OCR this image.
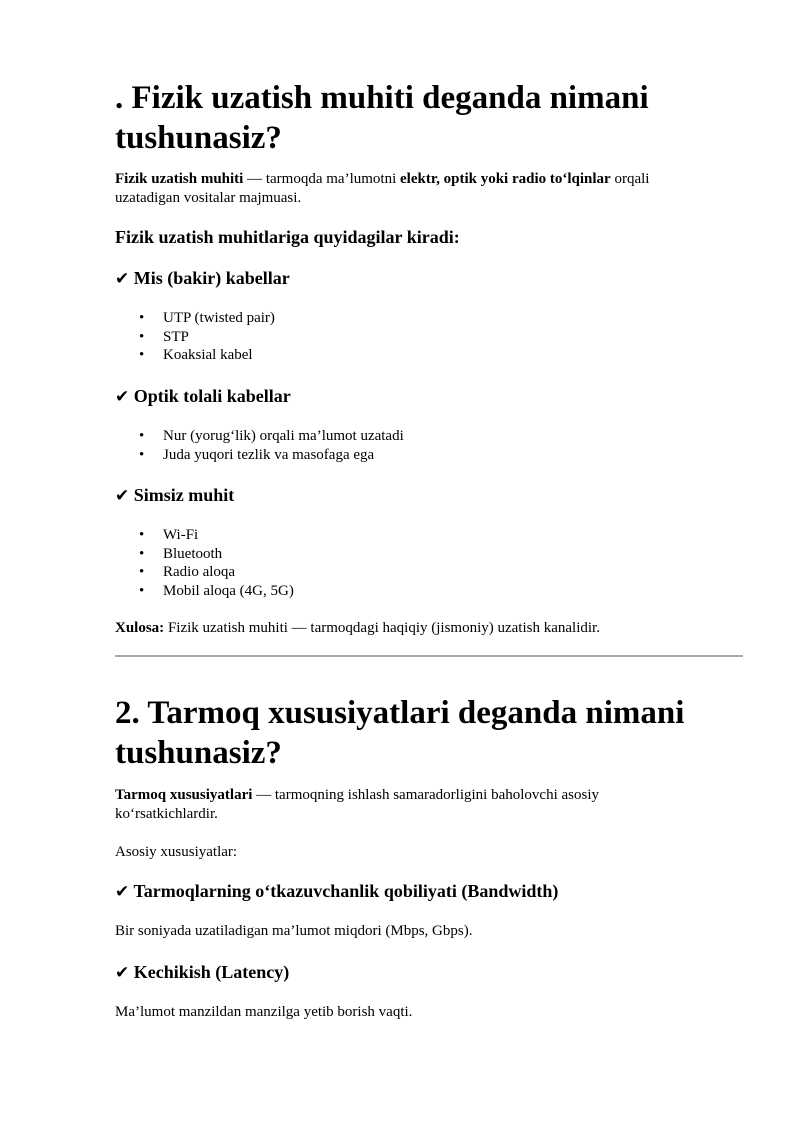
. Fizik uzatish muhiti deganda nimani
tushunasiz?

Fizik uzatish muhiti — tarmoqda ma’lumotni elektr, optik yoki radio to‘lqinlar orqali
uzatadigan vositalar majmuasi.

Fizik uzatish muhitlariga quyidagilar kiradi:
✔ Mis (bakir) kabellar
• UTP (twisted pair)
• STP
• Koaksial kabel
✔ Optik tolali kabellar
• Nur (yorug‘lik) orqali ma’lumot uzatadi
• Juda yuqori tezlik va masofaga ega
✔ Simsiz muhit
• Wi-Fi
• Bluetooth
• Radio aloqa
• Mobil aloqa (4G, 5G)

Xulosa: Fizik uzatish muhiti — tarmoqdagi haqiqiy (jismoniy) uzatish kanalidir.

2. Tarmoq xususiyatlari deganda nimani
tushunasiz?

Tarmoq xususiyatlari — tarmoqning ishlash samaradorligini baholovchi asosiy
ko‘rsatkichlardir.

Asosiy xususiyatlar:

✔ Tarmoqlarning o‘tkazuvchanlik qobiliyati (Bandwidth)

Bir soniyada uzatiladigan ma’lumot miqdori (Mbps, Gbps).

✔ Kechikish (Latency)

Ma’lumot manzildan manzilga yetib borish vaqti.
